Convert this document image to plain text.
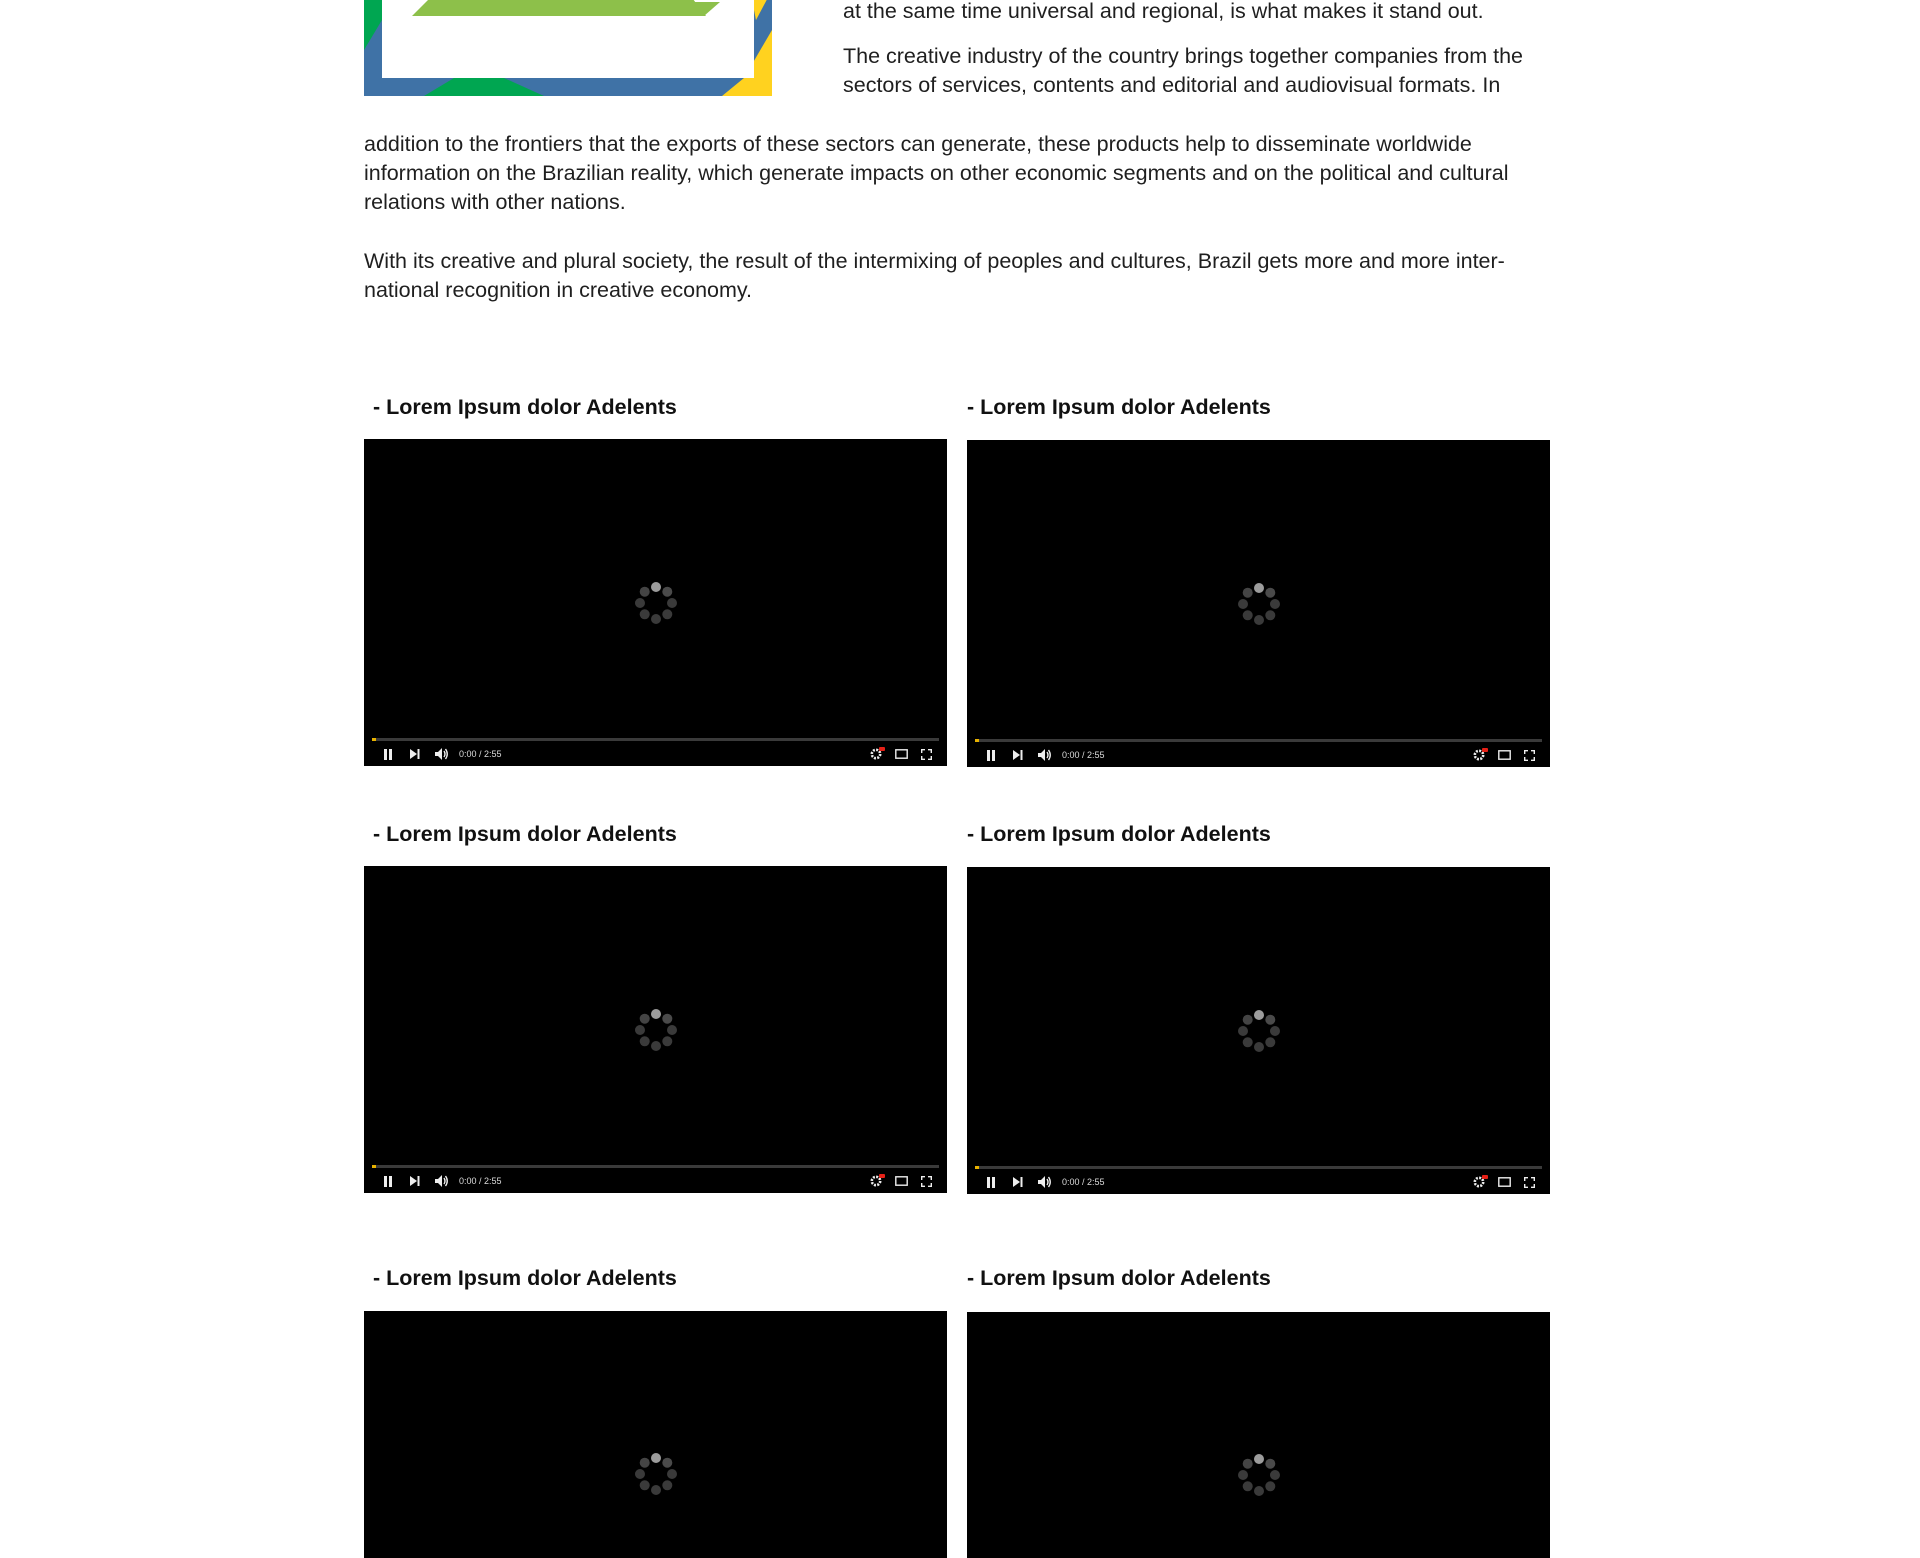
at the same time universal and regional, is what makes it stand out.

The creative industry of the country brings together companies from the

sectors of services, contents and editorial and audiovisual formats. In

addition to the frontiers that the exports of these sectors can generate, these products help to disseminate worldwide information on the Brazilian reality, which generate impacts on other economic segments and on the political and cultural relations with other nations.

With its creative and plural society, the result of the intermixing of peoples and cultures, Brazil gets more and more inter-national recognition in creative economy.

- Lorem Ipsum dolor Adelents
0:00 / 2:55
- Lorem Ipsum dolor Adelents
0:00 / 2:55
- Lorem Ipsum dolor Adelents
0:00 / 2:55
- Lorem Ipsum dolor Adelents
0:00 / 2:55
- Lorem Ipsum dolor Adelents	- Lorem Ipsum dolor Adelents
